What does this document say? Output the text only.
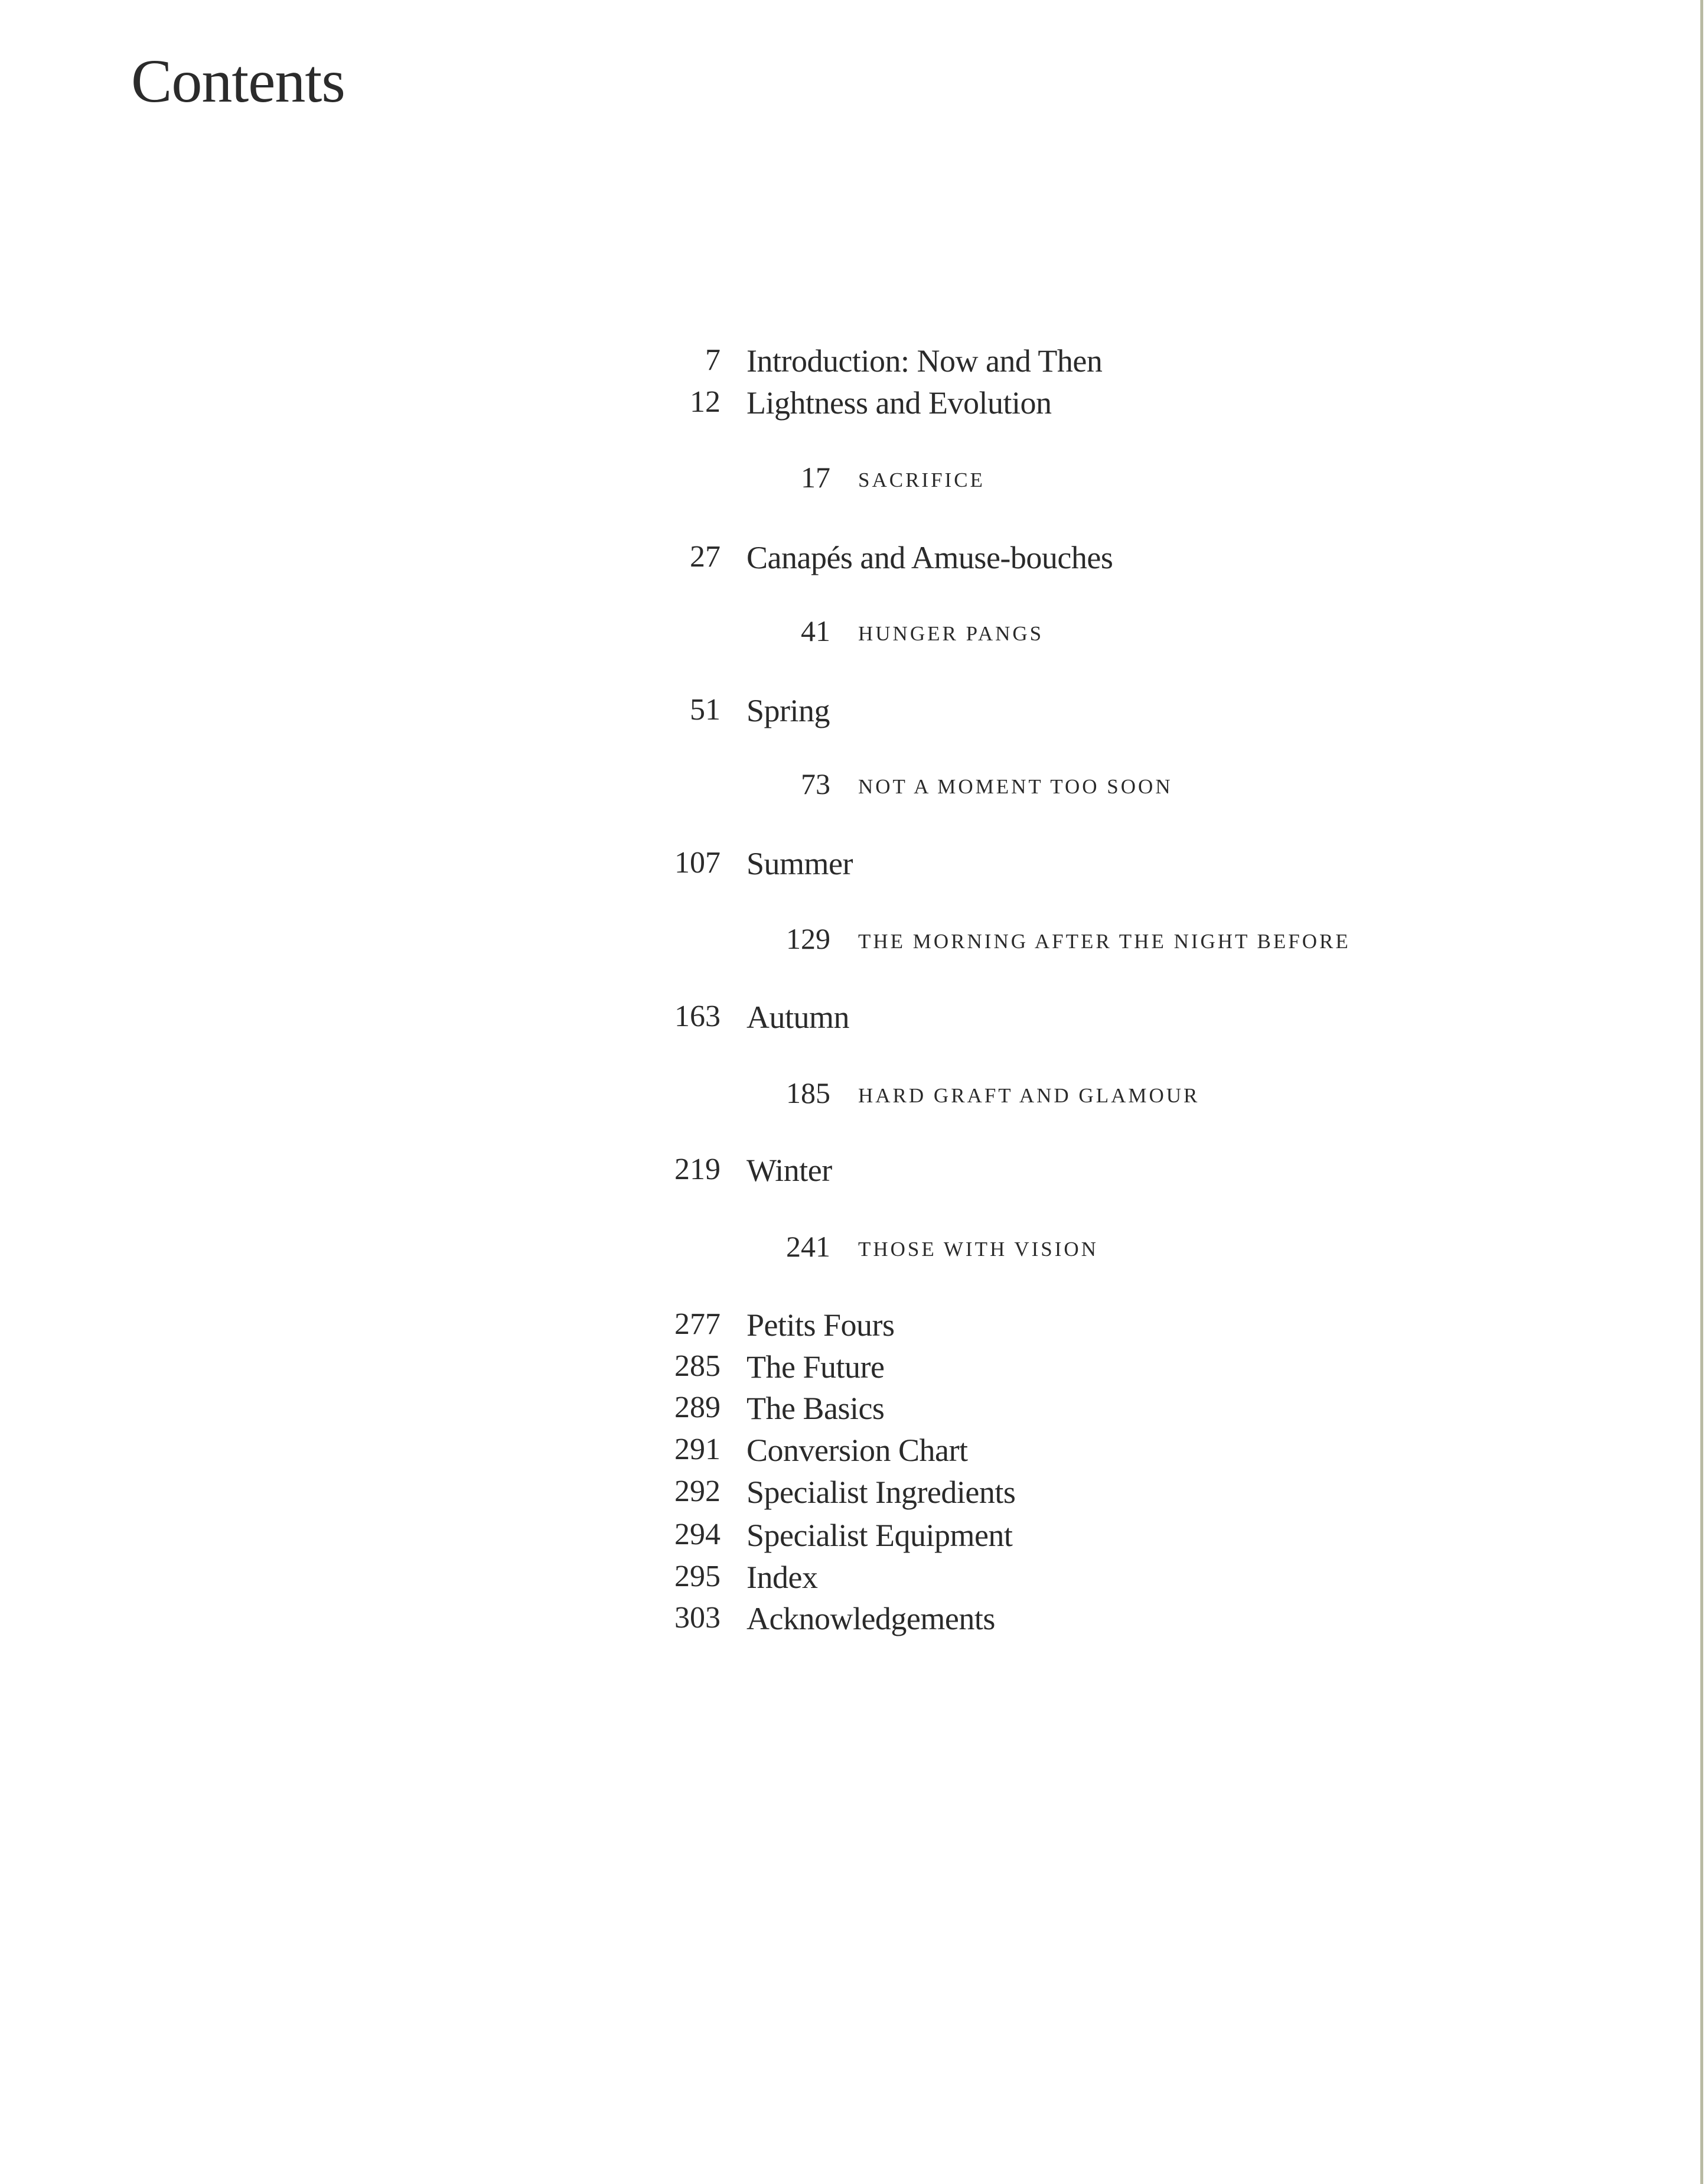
Contents
7 Introduction: Now and Then
12 Lightness and Evolution
17 SACRIFICE
27 Canapés and Amuse-bouches
41 HUNGER PANGS
51 Spring
73 NOT A MOMENT TOO SOON
107 Summer
129 THE MORNING AFTER THE NIGHT BEFORE
163 Autumn
185 HARD GRAFT AND GLAMOUR
219 Winter
241 THOSE WITH VISION
277 Petits Fours
285 The Future
289 The Basics
291 Conversion Chart
292 Specialist Ingredients
294 Specialist Equipment
295 Index
303 Acknowledgements
